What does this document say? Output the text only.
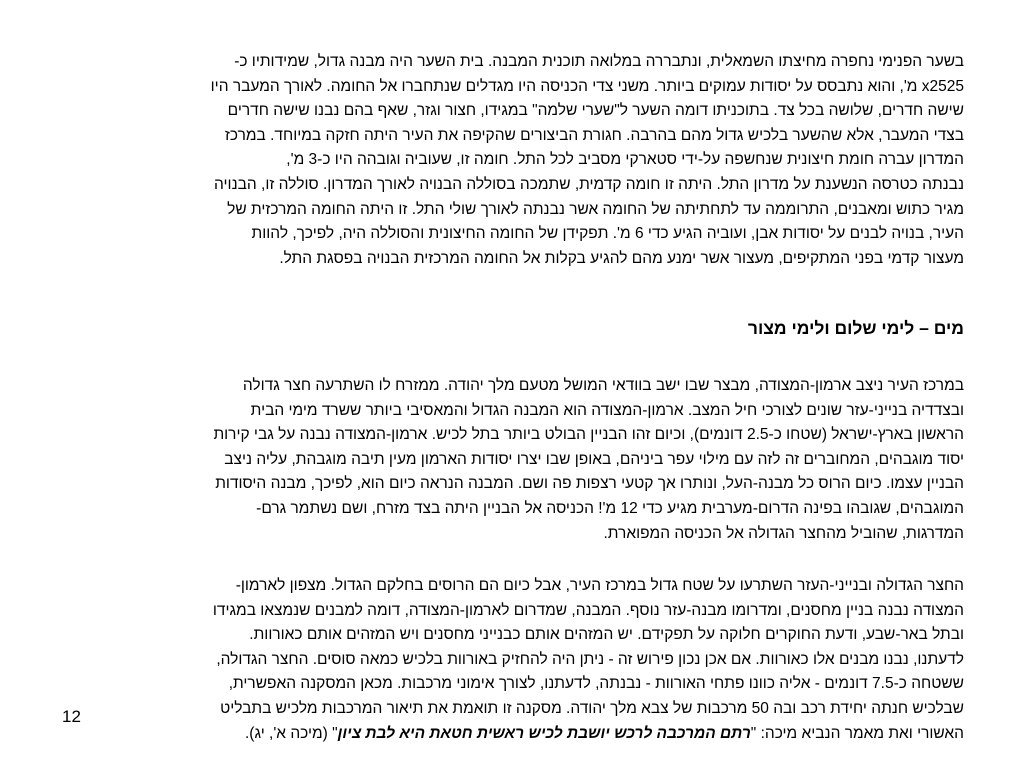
בשער הפנימי נחפרה מחיצתו השמאלית, ונתבררה במלואה תוכנית המבנה. בית השער היה מבנה גדול, שמידותיו כ-
x2525 מ', והוא נתבסס על יסודות עמוקים ביותר. משני צדי הכניסה היו מגדלים שנתחברו אל החומה. לאורך המעבר היו
שישה חדרים, שלושה בכל צד. בתוכניתו דומה השער ל"שערי שלמה" במגידו, חצור וגזר, שאף בהם נבנו שישה חדרים
בצדי המעבר, אלא שהשער בלכיש גדול מהם בהרבה. חגורת הביצורים שהקיפה את העיר היתה חזקה במיוחד. במרכז
המדרון עברה חומת חיצונית שנחשפה על-ידי סטארקי מסביב לכל התל. חומה זו, שעוביה וגובהה היו כ-3 מ',
נבנתה כטרסה הנשענת על מדרון התל. היתה זו חומה קדמית, שתמכה בסוללה הבנויה לאורך המדרון. סוללה זו, הבנויה
מגיר כתוש ומאבנים, התרוממה עד לתחתיתה של החומה אשר נבנתה לאורך שולי התל. זו היתה החומה המרכזית של
העיר, בנויה לבנים על יסודות אבן, ועוביה הגיע כדי 6 מ'. תפקידן של החומה החיצונית והסוללה היה, לפיכך, להוות
מעצור קדמי בפני המתקיפים, מעצור אשר ימנע מהם להגיע בקלות אל החומה המרכזית הבנויה בפסגת התל.

מים – לימי שלום ולימי מצור

במרכז העיר ניצב ארמון-המצודה, מבצר שבו ישב בוודאי המושל מטעם מלך יהודה. ממזרח לו השתרעה חצר גדולה
ובצדדיה בנייני-עזר שונים לצורכי חיל המצב. ארמון-המצודה הוא המבנה הגדול והמאסיבי ביותר ששרד מימי הבית
הראשון בארץ-ישראל (שטחו כ-2.5 דונמים), וכיום זהו הבניין הבולט ביותר בתל לכיש. ארמון-המצודה נבנה על גבי קירות
יסוד מוגבהים, המחוברים זה לזה עם מילוי עפר ביניהם, באופן שבו יצרו יסודות הארמון מעין תיבה מוגבהת, עליה ניצב
הבניין עצמו. כיום הרוס כל מבנה-העל, ונותרו אך קטעי רצפות פה ושם. המבנה הנראה כיום הוא, לפיכך, מבנה היסודות
המוגבהים, שגובהו בפינה הדרום-מערבית מגיע כדי 12 מ'! הכניסה אל הבניין היתה בצד מזרח, ושם נשתמר גרם-
המדרגות, שהוביל מהחצר הגדולה אל הכניסה המפוארת.

החצר הגדולה ובנייני-העזר השתרעו על שטח גדול במרכז העיר, אבל כיום הם הרוסים בחלקם הגדול. מצפון לארמון-
המצודה נבנה בניין מחסנים, ומדרומו מבנה-עזר נוסף. המבנה, שמדרום לארמון-המצודה, דומה למבנים שנמצאו במגידו
ובתל באר-שבע, ודעת החוקרים חלוקה על תפקידם. יש המזהים אותם כבנייני מחסנים ויש המזהים אותם כאורוות.
לדעתנו, נבנו מבנים אלו כאורוות. אם אכן נכון פירוש זה - ניתן היה להחזיק באורוות בלכיש כמאה סוסים. החצר הגדולה,
ששטחה כ-7.5 דונמים - אליה כוונו פתחי האורוות - נבנתה, לדעתנו, לצורך אימוני מרכבות. מכאן המסקנה האפשרית,
שבלכיש חנתה יחידת רכב ובה 50 מרכבות של צבא מלך יהודה. מסקנה זו תואמת את תיאור המרכבות מלכיש בתבליט
האשורי ואת מאמר הנביא מיכה: "רתם המרכבה לרכש יושבת לכיש ראשית חטאת היא לבת ציון" (מיכה א', יג).

12
